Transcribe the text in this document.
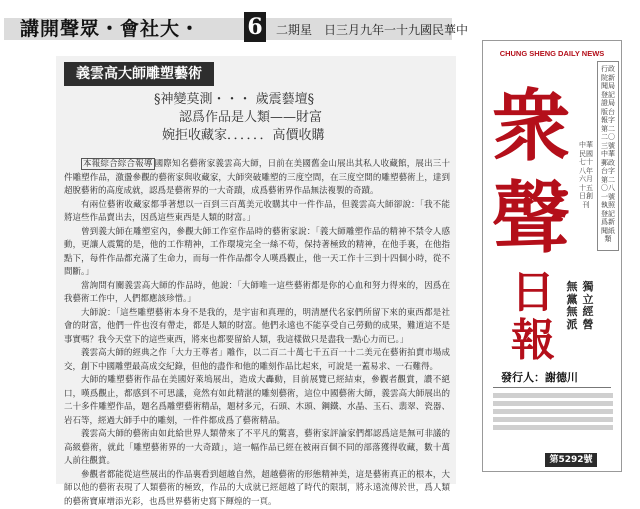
講開聲眾・會社大・ 6 二期星　日三月九年一十九國民華中
義雲高大師雕塑藝術
§神變莫測・・・ 歲震藝壇§
認爲作品是人類——財富
婉拒收藏家．．．．．．高價收購

本報綜合綜合報導 國際知名藝術家義雲高大師，日前在美國舊金山展出其私人收藏館，展出三十件雕塑作品，激盪參觀的藝術家與收藏家，大師突破雕塑的三度空間，在三度空間的雕塑藝術上，達到超脫藝術的高度成就，認爲是藝術界的一大奇蹟，成爲藝術界作品無法複製的奇蹟。

有兩位藝術收藏家都爭著想以一百到三百萬美元收購其中一件作品，但義雲高大師卻說：「我不能將這些作品賣出去，因爲這些東西是人類的財富。」

曾到義大師在雕塑室內，參觀大師工作室作品時的藝術家說：「義大師雕塑作品的精神不禁令人感動，更讓人震驚的是，他的工作精神，工作環境完全一絲不苟，保持著極致的精神，在他手裏，在他指點下，每件作品都充滿了生命力，而每一件作品都令人嘆爲觀止，他一天工作十三到十四個小時，從不間斷。」

當詢問有關義雲高大師的作品時，他說：「大師唯一這些藝術都是你的心血和努力得來的，因爲在我藝術工作中，人們都應該珍惜。」

大師說：「這些雕塑藝術本身不是我的，是宇宙和真理的，明清歷代名家們所留下來的東西都是社會的財富，他們一件也沒有帶走，都是人類的財富。他們永遠也不能享受自己勞動的成果，難道這不是事實嗎？我今天堂下的這些東西，將來也都要留給人類，我這樣做只是盡我一點心力而已。」

義雲高大師的經典之作「大力王尊者」雕作，以二百二十萬七千五百一十二美元在藝術拍賣市場成交，創下中國雕塑最高成交紀錄，但他的盡作和他的雕刻作品比起來，可說是一蓋易求、一石難得。

大師的雕塑藝術作品在美國好萊塢展出，造成大轟動，目前展覽已經結束，參觀者觀賞，讚不絕口，嘆爲觀止，都感到不可思議，竟然有如此精湛的雕刻藝術，這位中國藝術大師，義雲高大師展出的二十多件雕塑作品，題名爲雕塑藝術精品，題材多元，石頭、木頭、鋼鐵、水晶、玉石、翡翠、瓷器、岩石等，經過大師手中的雕刻，一件件都成爲了藝術精品。

義雲高大師的藝術由如此給世界人類帶來了不平凡的驚喜，藝術家評論家們都認爲這是無可非議的高級藝術，就此「雕塑藝術界的一大奇蹟」，這一幅作品已經在被兩百個不同的部落獲得收藏，數十萬人前往觀賞。

參觀者都能從這些展出的作品裏看到超越自然，超越藝術的形態精神美，這是藝術真正的根本，大師以他的藝術表現了人類藝術的極致，作品的大成就已經超越了時代的限制，將永遠流傳於世，爲人類的藝術寶庫增添光彩，也爲世界藝術史寫下輝煌的一頁。

CHUNG SHENG DAILY NEWS
衆
聲
中華民國七十八年六月十五日創刊
行政院新聞局登記證局版台報字第二二〇三號　中華郵政台字第二〇八一號執照登記爲新聞紙類
日
報
無黨無派
獨立經營
發行人：謝德川
第5292號
